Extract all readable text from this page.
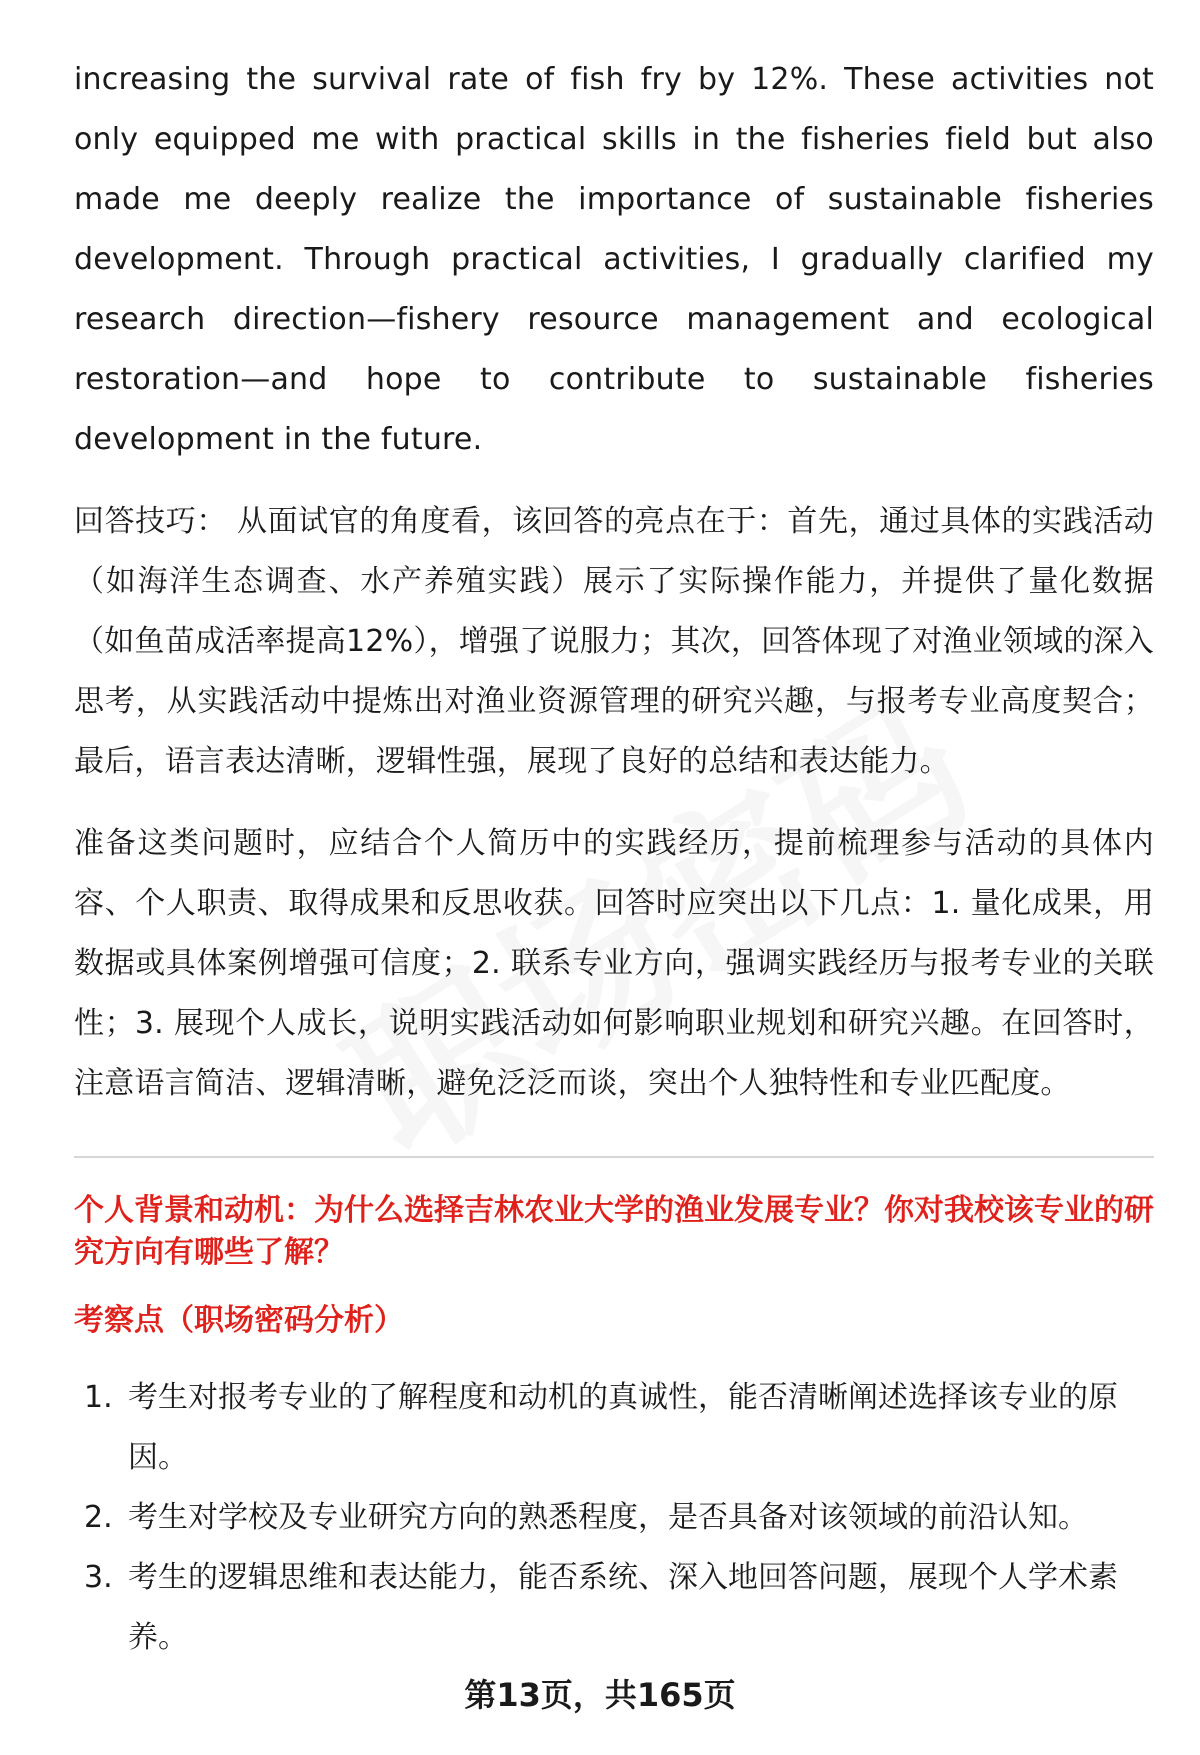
increasing the survival rate of fish fry by 12%. These activities not only equipped me with practical skills in the fisheries field but also made me deeply realize the importance of sustainable fisheries development. Through practical activities, I gradually clarified my research direction—fishery resource management and ecological restoration—and hope to contribute to sustainable fisheries development in the future.

回答技巧： 从面试官的角度看，该回答的亮点在于：首先，通过具体的实践活动（如海洋生态调查、水产养殖实践）展示了实际操作能力，并提供了量化数据（如鱼苗成活率提高12%），增强了说服力；其次，回答体现了对渔业领域的深入思考，从实践活动中提炼出对渔业资源管理的研究兴趣，与报考专业高度契合；最后，语言表达清晰，逻辑性强，展现了良好的总结和表达能力。

准备这类问题时，应结合个人简历中的实践经历，提前梳理参与活动的具体内容、个人职责、取得成果和反思收获。回答时应突出以下几点：1. 量化成果，用数据或具体案例增强可信度；2. 联系专业方向，强调实践经历与报考专业的关联性；3. 展现个人成长，说明实践活动如何影响职业规划和研究兴趣。在回答时，注意语言简洁、逻辑清晰，避免泛泛而谈，突出个人独特性和专业匹配度。

个人背景和动机：为什么选择吉林农业大学的渔业发展专业？你对我校该专业的研究方向有哪些了解？
考察点（职场密码分析）
1. 考生对报考专业的了解程度和动机的真诚性，能否清晰阐述选择该专业的原因。
2. 考生对学校及专业研究方向的熟悉程度，是否具备对该领域的前沿认知。
3. 考生的逻辑思维和表达能力，能否系统、深入地回答问题，展现个人学术素养。
第13页，共165页
